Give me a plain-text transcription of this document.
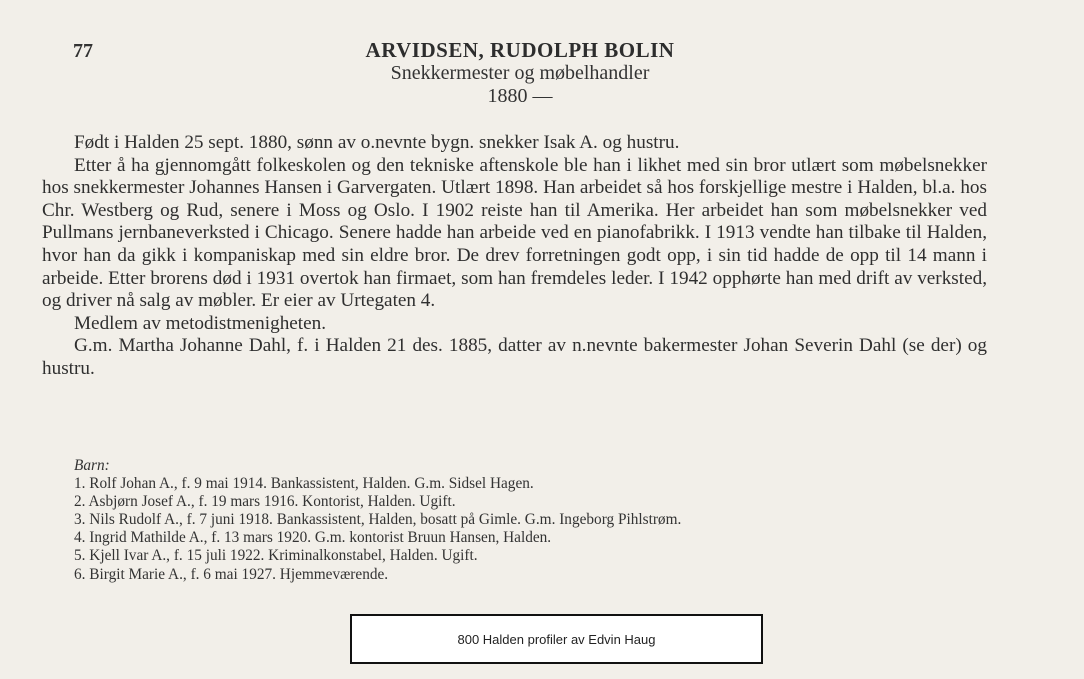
77	ARVIDSEN, RUDOLPH BOLIN
Snekkermester og møbelhandler
1880 —

Født i Halden 25 sept. 1880, sønn av o.nevnte bygn. snekker Isak A. og hustru.

Etter å ha gjennomgått folkeskolen og den tekniske aftenskole ble han i likhet med sin bror utlært som møbelsnekker hos snekkermester Johannes Hansen i Garvergaten. Utlært 1898. Han arbeidet så hos forskjellige mestre i Halden, bl.a. hos Chr. Westberg og Rud, senere i Moss og Oslo. I 1902 reiste han til Amerika. Her arbeidet han som møbelsnekker ved Pullmans jernbaneverksted i Chicago. Senere hadde han arbeide ved en pianofabrikk. I 1913 vendte han tilbake til Halden, hvor han da gikk i kompaniskap med sin eldre bror. De drev forretningen godt opp, i sin tid hadde de opp til 14 mann i arbeide. Etter brorens død i 1931 overtok han firmaet, som han fremdeles leder. I 1942 opphørte han med drift av verksted, og driver nå salg av møbler. Er eier av Urtegaten 4.

Medlem av metodistmenigheten.

G.m. Martha Johanne Dahl, f. i Halden 21 des. 1885, datter av n.nevnte bakermester Johan Severin Dahl (se der) og hustru.

Barn:
1. Rolf Johan A., f. 9 mai 1914. Bankassistent, Halden. G.m. Sidsel Hagen.
2. Asbjørn Josef A., f. 19 mars 1916. Kontorist, Halden. Ugift.
3. Nils Rudolf A., f. 7 juni 1918. Bankassistent, Halden, bosatt på Gimle. G.m. Ingeborg Pihlstrøm.
4. Ingrid Mathilde A., f. 13 mars 1920. G.m. kontorist Bruun Hansen, Halden.
5. Kjell Ivar A., f. 15 juli 1922. Kriminalkonstabel, Halden. Ugift.
6. Birgit Marie A., f. 6 mai 1927. Hjemmeværende.
800 Halden profiler av Edvin Haug
